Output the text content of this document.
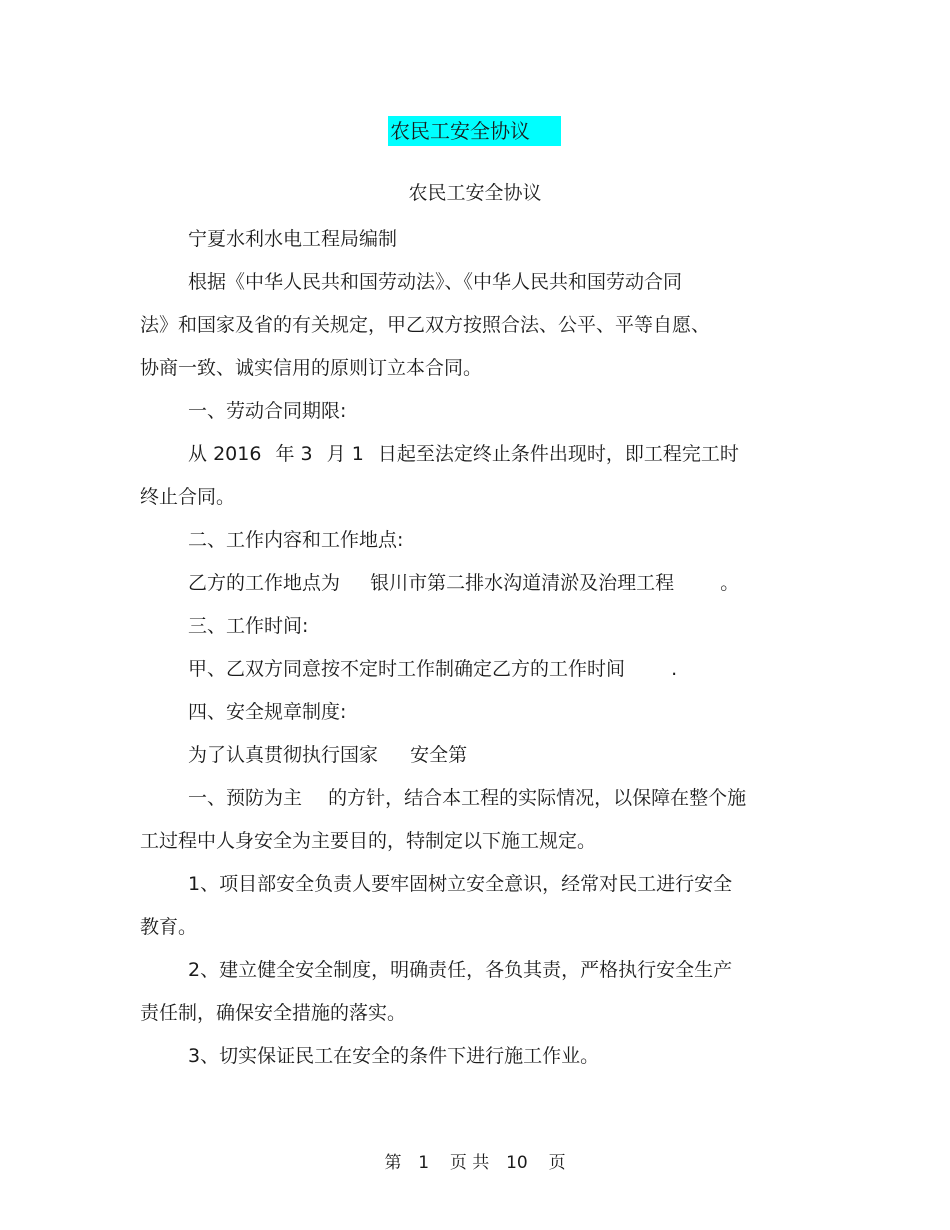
农民工安全协议
农民工安全协议
宁夏水利水电工程局编制
根据《中华人民共和国劳动法》、《中华人民共和国劳动合同
法》和国家及省的有关规定，甲乙双方按照合法、公平、平等自愿、
协商一致、诚实信用的原则订立本合同。
一、劳动合同期限:
从 2016 年 3 月 1 日起至法定终止条件出现时，即工程完工时
终止合同。
二、工作内容和工作地点:
乙方的工作地点为 银川市第二排水沟道清淤及治理工程 。
三、工作时间:
甲、乙双方同意按不定时工作制确定乙方的工作时间 .
四、安全规章制度:
为了认真贯彻执行国家 安全第
一、预防为主 的方针，结合本工程的实际情况，以保障在整个施
工过程中人身安全为主要目的，特制定以下施工规定。
1、项目部安全负责人要牢固树立安全意识，经常对民工进行安全
教育。
2、建立健全安全制度，明确责任，各负其责，严格执行安全生产
责任制，确保安全措施的落实。
3、切实保证民工在安全的条件下进行施工作业。
第 1 页 共 10 页
